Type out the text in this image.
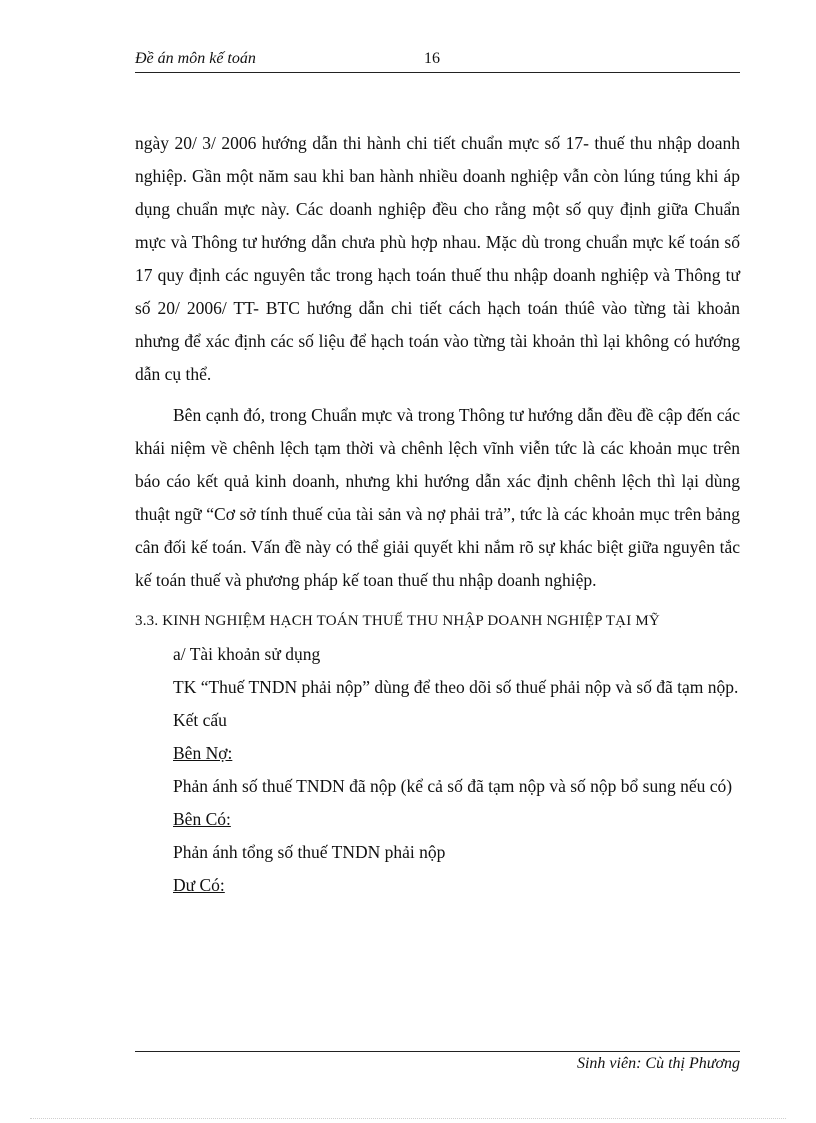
Đề án môn kế toán	16

ngày 20/ 3/ 2006 hướng dẫn thi hành chi tiết chuẩn mực số 17- thuế thu nhập doanh nghiệp. Gần một năm sau khi ban hành nhiều doanh nghiệp vẫn còn lúng túng khi áp dụng chuẩn mực này. Các doanh nghiệp đều cho rằng một số quy định giữa Chuẩn mực và Thông tư hướng dẫn chưa phù hợp nhau. Mặc dù trong chuẩn mực kế toán số 17 quy định các nguyên tắc trong hạch toán thuế thu nhập doanh nghiệp và Thông tư số 20/ 2006/ TT- BTC hướng dẫn chi tiết cách hạch toán thúê vào từng tài khoản nhưng để xác định các số liệu để hạch toán vào từng tài khoản thì lại không có hướng dẫn cụ thể.

Bên cạnh đó, trong Chuẩn mực và trong Thông tư hướng dẫn đều đề cập đến các khái niệm về chênh lệch tạm thời và chênh lệch vĩnh viễn tức là các khoản mục trên báo cáo kết quả kinh doanh, nhưng khi hướng dẫn xác định chênh lệch thì lại dùng thuật ngữ “Cơ sở tính thuế của tài sản và nợ phải trả”, tức là các khoản mục trên bảng cân đối kế toán. Vấn đề này có thể giải quyết khi nắm rõ sự khác biệt giữa nguyên tắc kế toán thuế và phương pháp kế toan thuế thu nhập doanh nghiệp.

3.3. KINH NGHIỆM HẠCH TOÁN THUẾ THU NHẬP DOANH NGHIỆP TẠI MỸ

a/ Tài khoản sử dụng

TK “Thuế TNDN phải nộp” dùng để theo dõi số thuế phải nộp và số đã tạm nộp.

Kết cấu

Bên Nợ:

Phản ánh số thuế TNDN đã nộp (kể cả số đã tạm nộp và số nộp bổ sung nếu có)

Bên Có:

Phản ánh tổng số thuế TNDN phải nộp

Dư Có:

Sinh viên: Cù thị Phương
